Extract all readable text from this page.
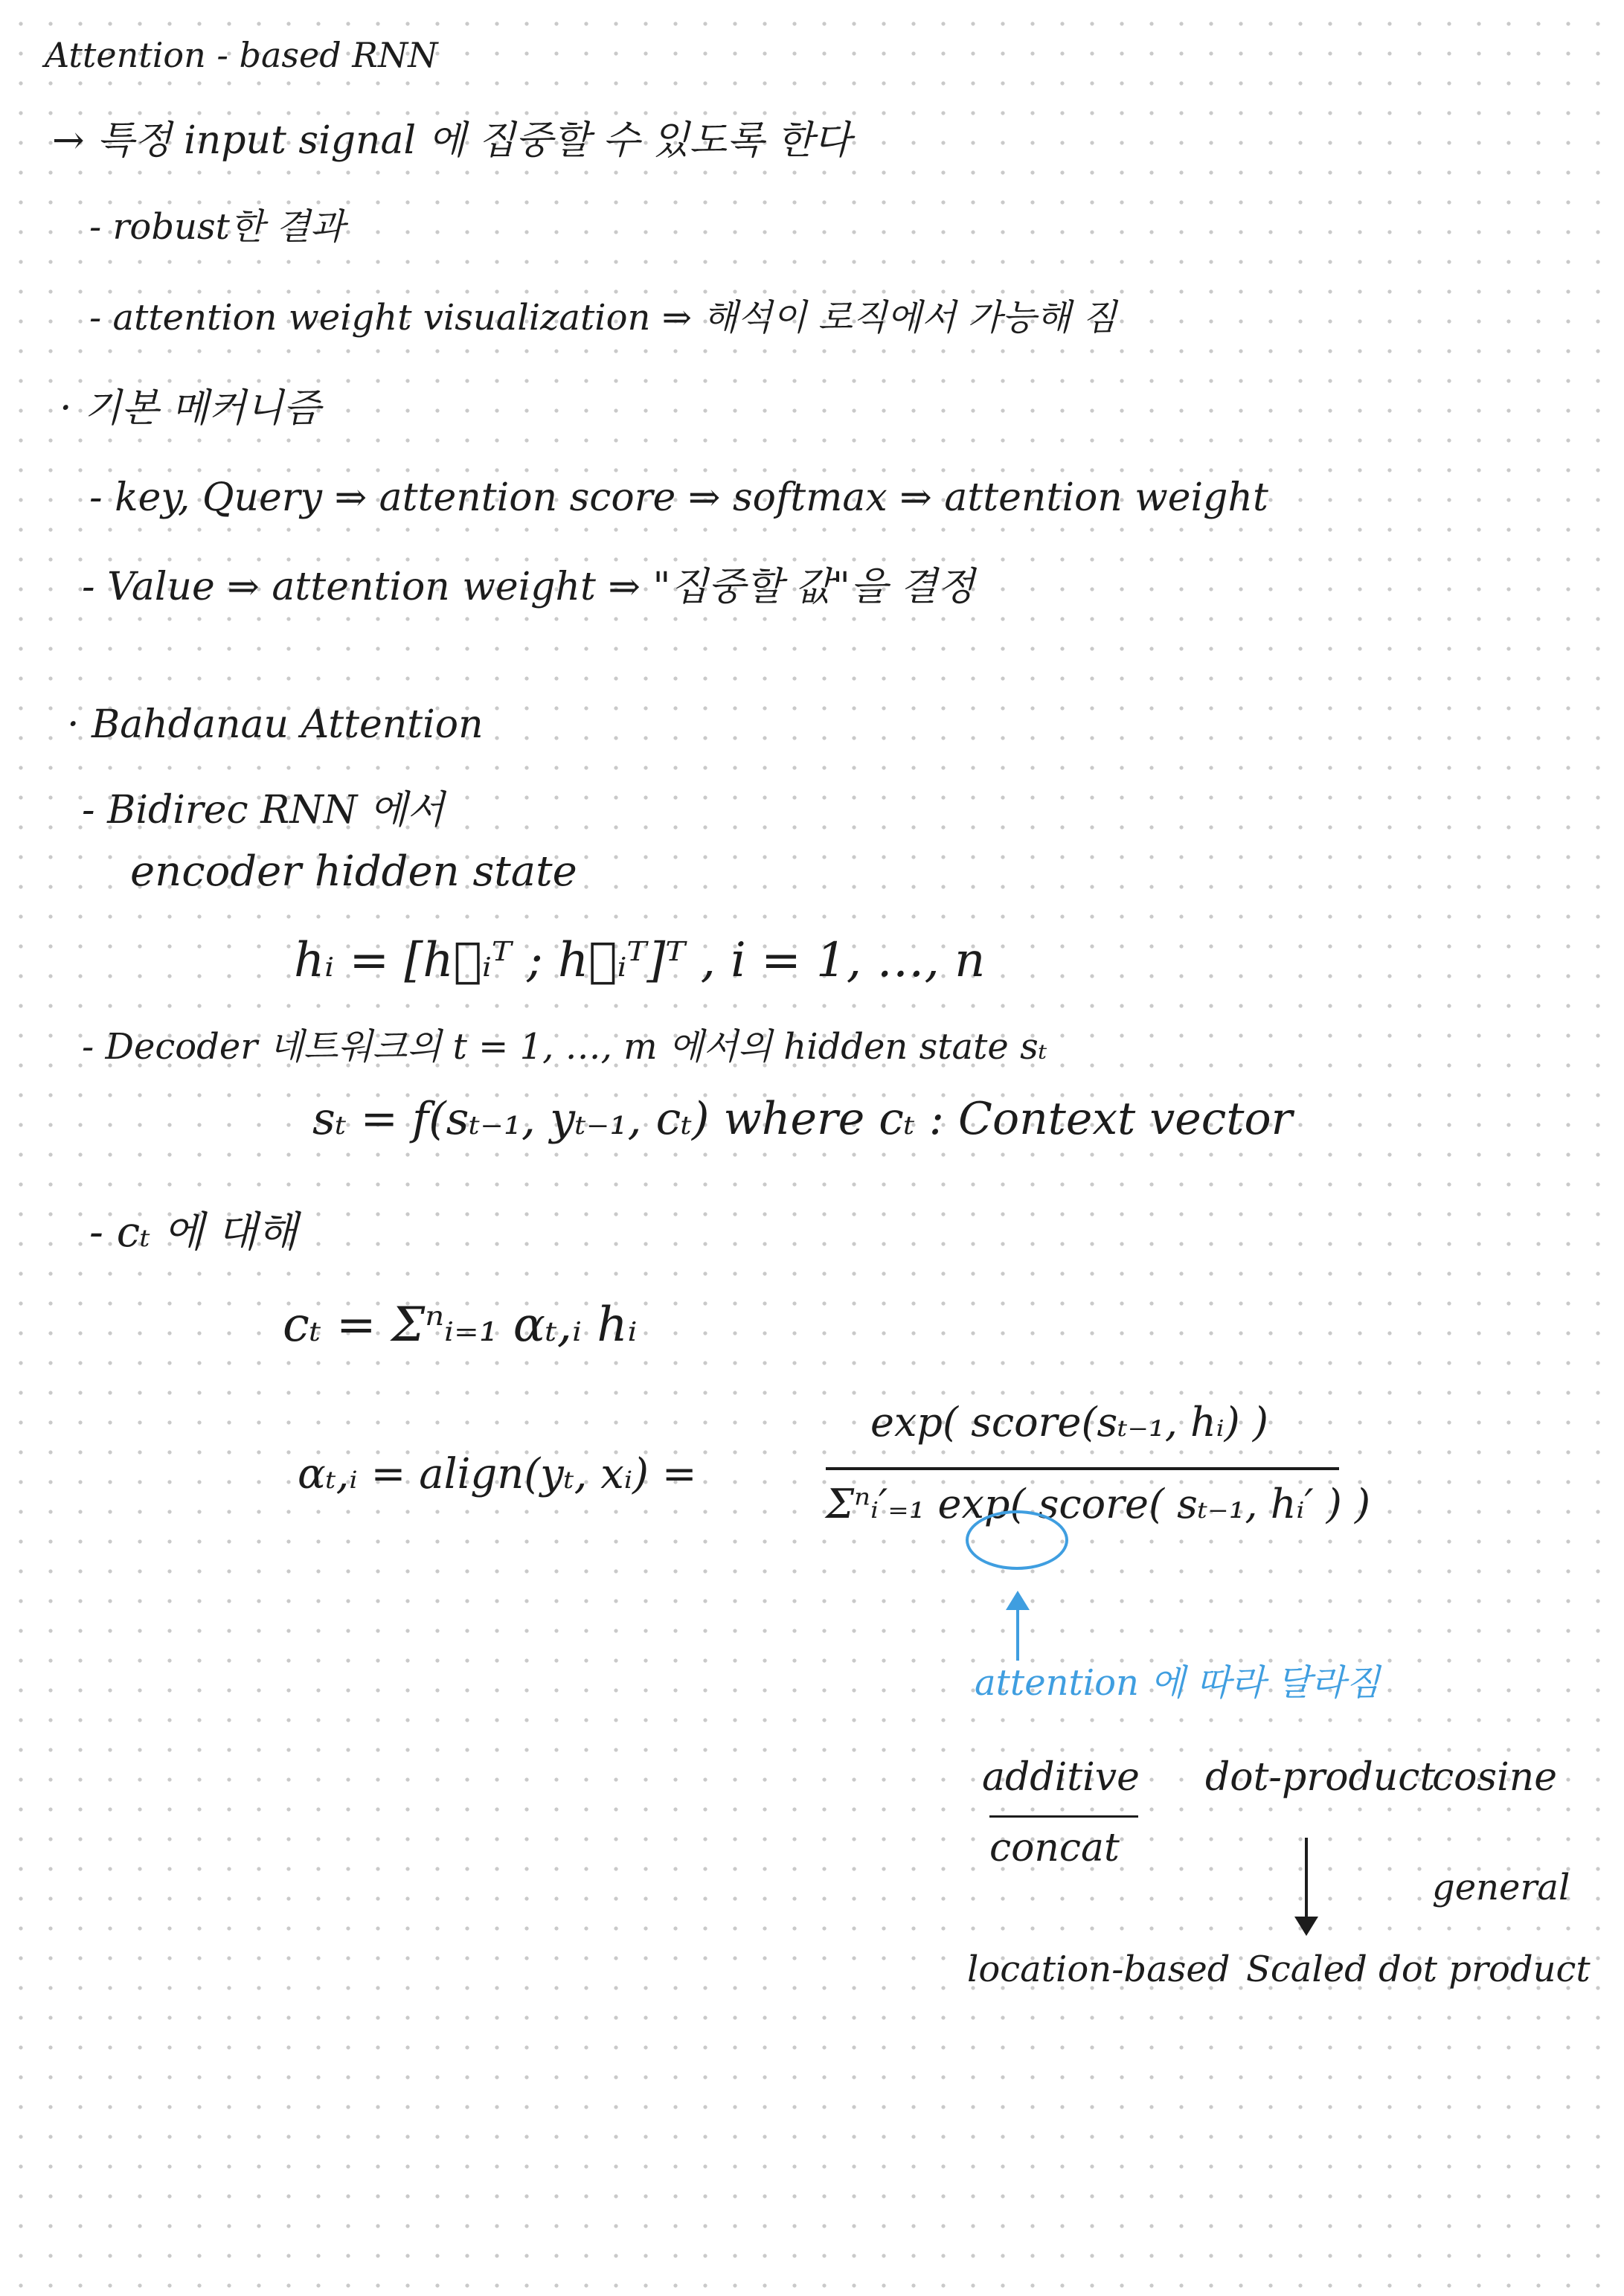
Attention - based RNN
→ 특정 input signal 에 집중할 수 있도록 한다
- robust한 결과
- attention weight visualization ⇒ 해석이 로직에서 가능해 짐
· 기본 메커니즘
- key, Query ⇒ attention score ⇒ softmax ⇒ attention weight
- Value ⇒ attention weight ⇒ "집중할 값"을 결정
· Bahdanau Attention
- Bidirec RNN 에서
encoder hidden state
hᵢ = [h⃗ᵢᵀ ; h⃖ᵢᵀ]ᵀ , i = 1, …, n
- Decoder 네트워크의 t = 1, …, m 에서의 hidden state sₜ
sₜ = f(sₜ₋₁, yₜ₋₁, cₜ) where cₜ : Context vector
- cₜ 에 대해
cₜ = Σⁿᵢ₌₁ αₜ,ᵢ hᵢ
αₜ,ᵢ = align(yₜ, xᵢ) =
exp( score(sₜ₋₁, hᵢ) )
Σⁿᵢ′₌₁ exp( score( sₜ₋₁, hᵢ′ ) )
attention 에 따라 달라짐
additive
concat
dot-product
cosine
general
location-based Scaled dot product
